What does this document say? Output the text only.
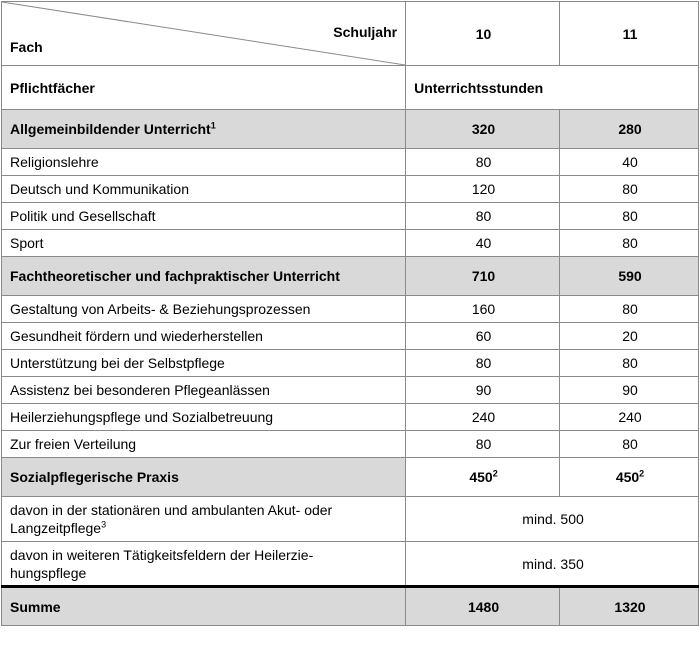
Schuljahr
Fach	10	11
Pflichtfächer	Unterrichtsstunden	
Allgemeinbildender Unterricht$^1$	320	280
Religionslehre	80	40
Deutsch und Kommunikation	120	80
Politik und Gesellschaft	80	80
Sport	40	80
Fachtheoretischer und fachpraktischer Unterricht	710	590
Gestaltung von Arbeits- & Beziehungsprozessen	160	80
Gesundheit fördern und wiederherstellen	60	20
Unterstützung bei der Selbstpflege	80	80
Assistenz bei besonderen Pflegeanlässen	90	90
Heilerziehungspflege und Sozialbetreuung	240	240
Zur freien Verteilung	80	80
Sozialpflegerische Praxis	$450^2$	$450^2$
davon in der stationären und ambulanten Akut- oder
Langzeitpflege$^3$	mind. 500	
davon in weiteren Tätigkeitsfeldern der Heilerzie-
hungspflege	mind. 350	
Summe	1480	1320
